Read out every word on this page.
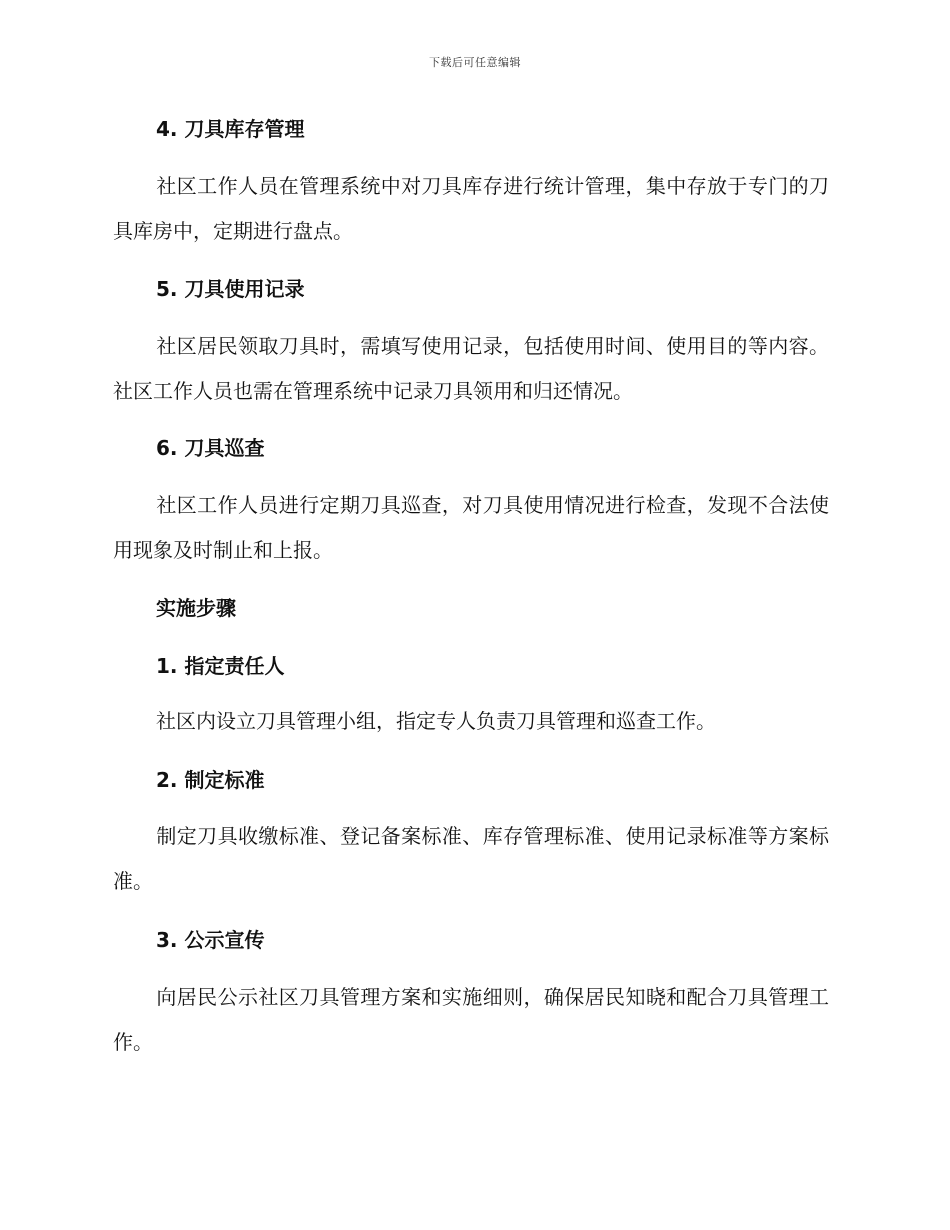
下载后可任意编辑
4. 刀具库存管理
社区工作人员在管理系统中对刀具库存进行统计管理，集中存放于专门的刀具库房中，定期进行盘点。
5. 刀具使用记录
社区居民领取刀具时，需填写使用记录，包括使用时间、使用目的等内容。社区工作人员也需在管理系统中记录刀具领用和归还情况。
6. 刀具巡查
社区工作人员进行定期刀具巡查，对刀具使用情况进行检查，发现不合法使用现象及时制止和上报。
实施步骤
1. 指定责任人
社区内设立刀具管理小组，指定专人负责刀具管理和巡查工作。
2. 制定标准
制定刀具收缴标准、登记备案标准、库存管理标准、使用记录标准等方案标准。
3. 公示宣传
向居民公示社区刀具管理方案和实施细则，确保居民知晓和配合刀具管理工作。
